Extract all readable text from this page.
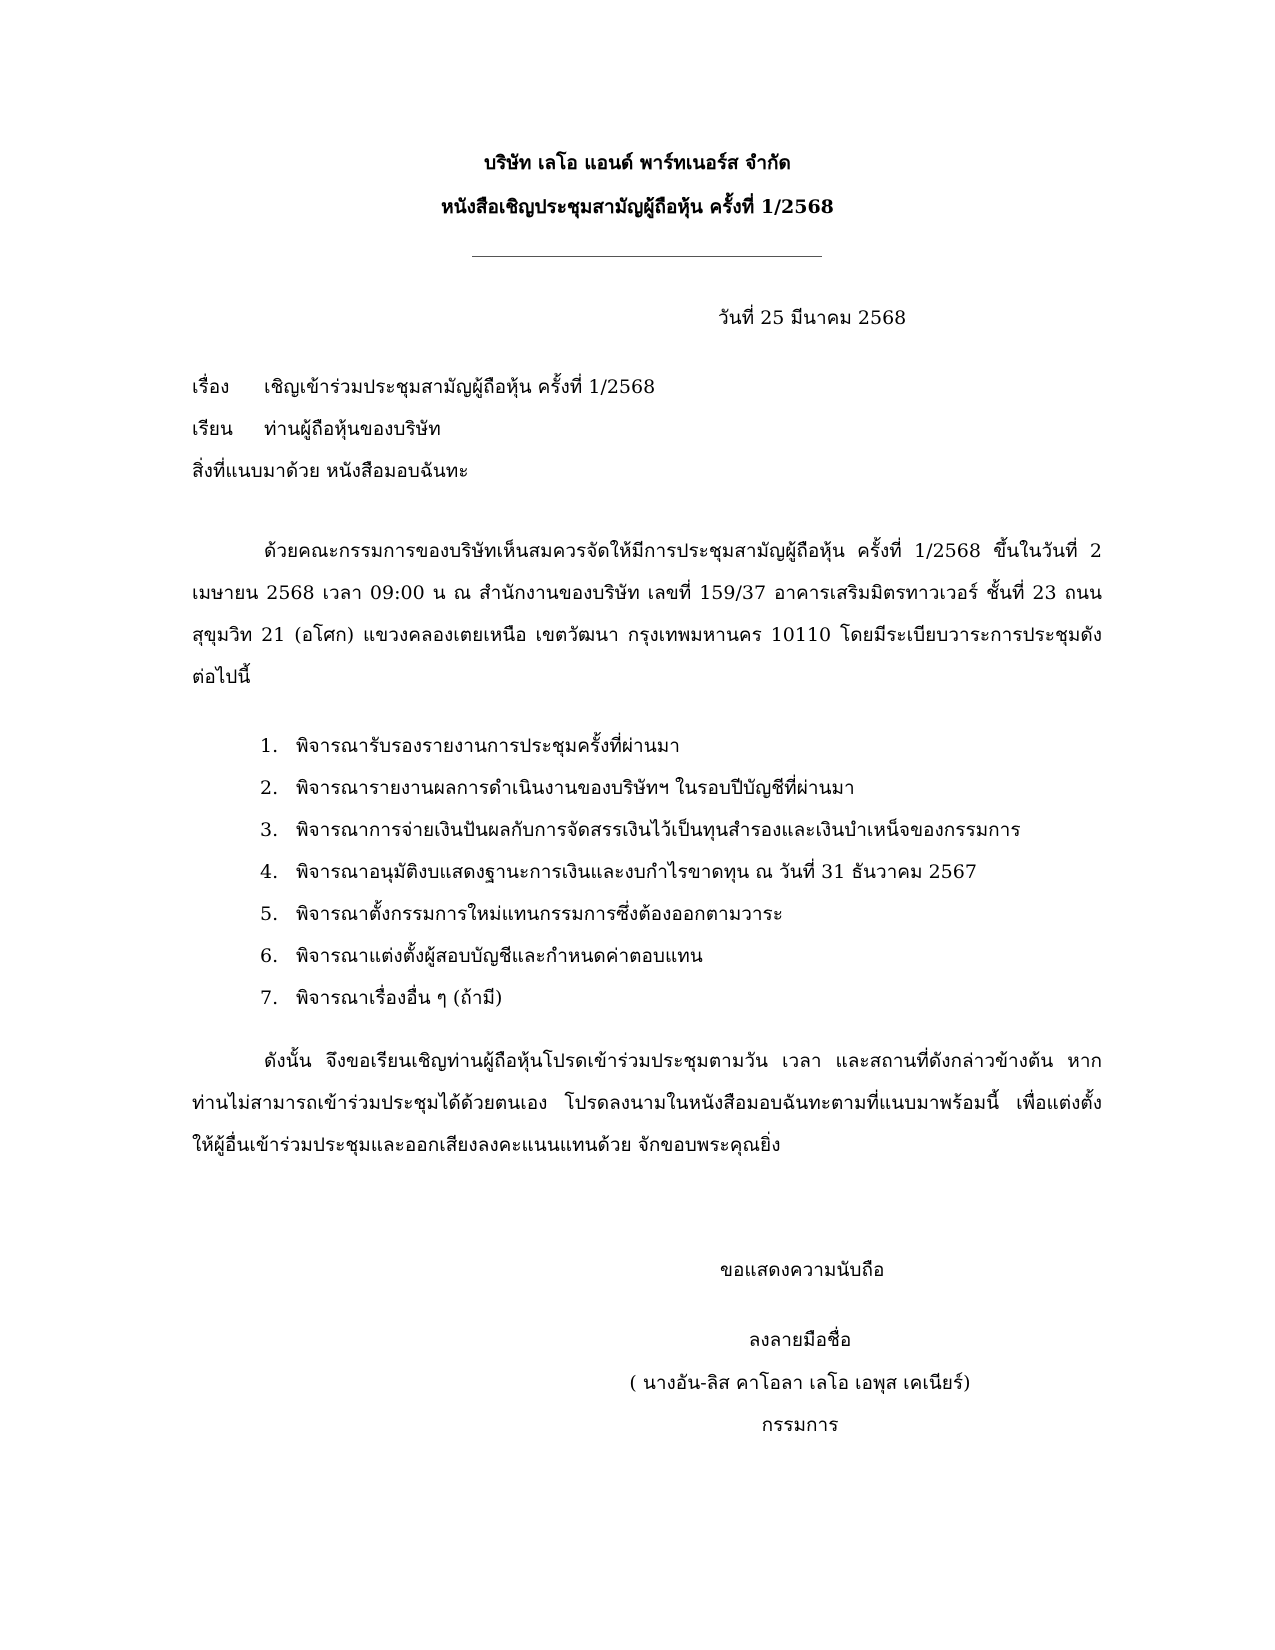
บริษัท เลโอ แอนด์ พาร์ทเนอร์ส จำกัด
หนังสือเชิญประชุมสามัญผู้ถือหุ้น ครั้งที่ 1/2568
วันที่ 25 มีนาคม 2568
เรื่อง เชิญเข้าร่วมประชุมสามัญผู้ถือหุ้น ครั้งที่ 1/2568
เรียน ท่านผู้ถือหุ้นของบริษัท
สิ่งที่แนบมาด้วย หนังสือมอบฉันทะ

ด้วยคณะกรรมการของบริษัทเห็นสมควรจัดให้มีการประชุมสามัญผู้ถือหุ้น ครั้งที่ 1/2568 ขึ้นในวันที่ 2 เมษายน 2568 เวลา 09:00 น ณ สำนักงานของบริษัท เลขที่ 159/37 อาคารเสริมมิตรทาวเวอร์ ชั้นที่ 23 ถนนสุขุมวิท 21 (อโศก) แขวงคลองเตยเหนือ เขตวัฒนา กรุงเทพมหานคร 10110 โดยมีระเบียบวาระการประชุมดังต่อไปนี้

1. พิจารณารับรองรายงานการประชุมครั้งที่ผ่านมา
2. พิจารณารายงานผลการดำเนินงานของบริษัทฯ ในรอบปีบัญชีที่ผ่านมา
3. พิจารณาการจ่ายเงินปันผลกับการจัดสรรเงินไว้เป็นทุนสำรองและเงินบำเหน็จของกรรมการ
4. พิจารณาอนุมัติงบแสดงฐานะการเงินและงบกำไรขาดทุน ณ วันที่ 31 ธันวาคม 2567
5. พิจารณาตั้งกรรมการใหม่แทนกรรมการซึ่งต้องออกตามวาระ
6. พิจารณาแต่งตั้งผู้สอบบัญชีและกำหนดค่าตอบแทน
7. พิจารณาเรื่องอื่น ๆ (ถ้ามี)

ดังนั้น จึงขอเรียนเชิญท่านผู้ถือหุ้นโปรดเข้าร่วมประชุมตามวัน เวลา และสถานที่ดังกล่าวข้างต้น หากท่านไม่สามารถเข้าร่วมประชุมได้ด้วยตนเอง โปรดลงนามในหนังสือมอบฉันทะตามที่แนบมาพร้อมนี้ เพื่อแต่งตั้งให้ผู้อื่นเข้าร่วมประชุมและออกเสียงลงคะแนนแทนด้วย จักขอบพระคุณยิ่ง

ขอแสดงความนับถือ
ลงลายมือชื่อ
( นางอัน-ลิส คาโอลา เลโอ เอพุส เคเนียร์)
กรรมการ
